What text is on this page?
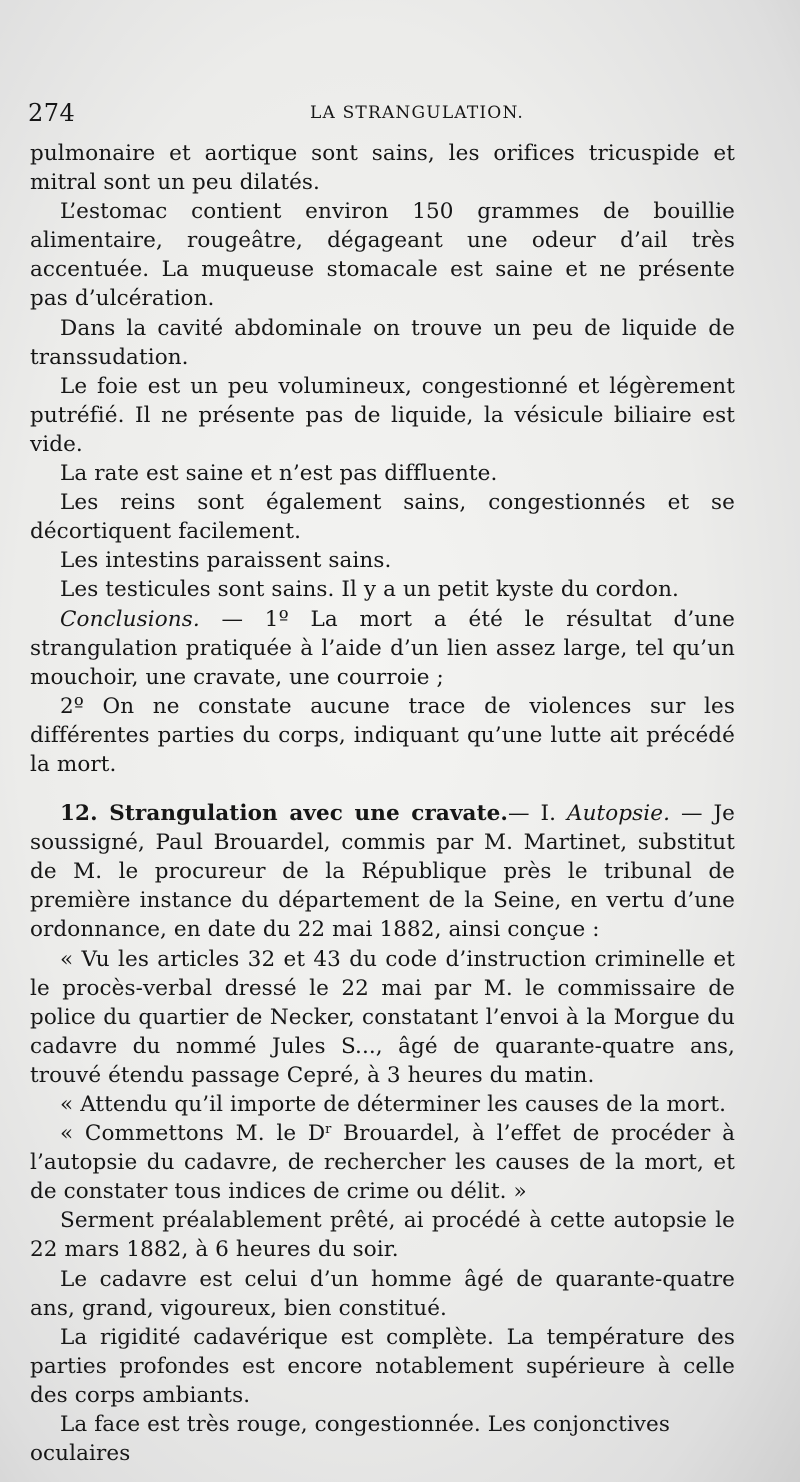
274	LA STRANGULATION.

pulmonaire et aortique sont sains, les orifices tricuspide et mitral sont un peu dilatés.

L’estomac contient environ 150 grammes de bouillie alimentaire, rougeâtre, dégageant une odeur d’ail très accentuée. La muqueuse stomacale est saine et ne présente pas d’ulcération.

Dans la cavité abdominale on trouve un peu de liquide de transsudation.

Le foie est un peu volumineux, congestionné et légèrement putréfié. Il ne présente pas de liquide, la vésicule biliaire est vide.

La rate est saine et n’est pas diffluente.

Les reins sont également sains, congestionnés et se décortiquent facilement.

Les intestins paraissent sains.

Les testicules sont sains. Il y a un petit kyste du cordon.

Conclusions. — 1º La mort a été le résultat d’une strangulation pratiquée à l’aide d’un lien assez large, tel qu’un mouchoir, une cravate, une courroie ;

2º On ne constate aucune trace de violences sur les différentes parties du corps, indiquant qu’une lutte ait précédé la mort.

12. Strangulation avec une cravate.— I. Autopsie. — Je soussigné, Paul Brouardel, commis par M. Martinet, substitut de M. le procureur de la République près le tribunal de première instance du département de la Seine, en vertu d’une ordonnance, en date du 22 mai 1882, ainsi conçue :

« Vu les articles 32 et 43 du code d’instruction criminelle et le procès-verbal dressé le 22 mai par M. le commissaire de police du quartier de Necker, constatant l’envoi à la Morgue du cadavre du nommé Jules S..., âgé de quarante-quatre ans, trouvé étendu passage Cepré, à 3 heures du matin.

« Attendu qu’il importe de déterminer les causes de la mort.

« Commettons M. le $D^r$ Brouardel, à l’effet de procéder à l’autopsie du cadavre, de rechercher les causes de la mort, et de constater tous indices de crime ou délit. »

Serment préalablement prêté, ai procédé à cette autopsie le 22 mars 1882, à 6 heures du soir.

Le cadavre est celui d’un homme âgé de quarante-quatre ans, grand, vigoureux, bien constitué.

La rigidité cadavérique est complète. La température des parties profondes est encore notablement supérieure à celle des corps ambiants.

La face est très rouge, congestionnée. Les conjonctives oculaires
